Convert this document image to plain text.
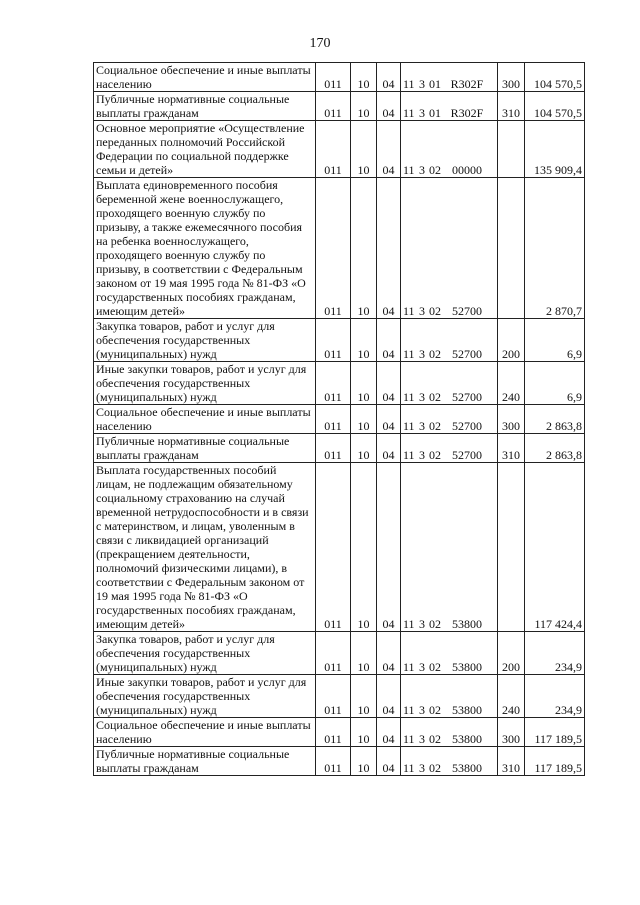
170
Социальное обеспечение и иные выплаты населению	011	10	04	11 3 01 R302F	300	104 570,5
Публичные нормативные социальные выплаты гражданам	011	10	04	11 3 01 R302F	310	104 570,5
Основное мероприятие «Осуществление переданных полномочий Российской Федерации по социальной поддержке семьи и детей»	011	10	04	11 3 02 00000		135 909,4
Выплата единовременного пособия беременной жене военнослужащего, проходящего военную службу по призыву, а также ежемесячного пособия на ребенка военнослужащего, проходящего военную службу по призыву, в соответствии с Федеральным законом от 19 мая 1995 года № 81-ФЗ «О государственных пособиях гражданам, имеющим детей»	011	10	04	11 3 02 52700		2 870,7
Закупка товаров, работ и услуг для обеспечения государственных (муниципальных) нужд	011	10	04	11 3 02 52700	200	6,9
Иные закупки товаров, работ и услуг для обеспечения государственных (муниципальных) нужд	011	10	04	11 3 02 52700	240	6,9
Социальное обеспечение и иные выплаты населению	011	10	04	11 3 02 52700	300	2 863,8
Публичные нормативные социальные выплаты гражданам	011	10	04	11 3 02 52700	310	2 863,8
Выплата государственных пособий лицам, не подлежащим обязательному социальному страхованию на случай временной нетрудоспособности и в связи с материнством, и лицам, уволенным в связи с ликвидацией организаций (прекращением деятельности, полномочий физическими лицами), в соответствии с Федеральным законом от 19 мая 1995 года № 81-ФЗ «О государственных пособиях гражданам, имеющим детей»	011	10	04	11 3 02 53800		117 424,4
Закупка товаров, работ и услуг для обеспечения государственных (муниципальных) нужд	011	10	04	11 3 02 53800	200	234,9
Иные закупки товаров, работ и услуг для обеспечения государственных (муниципальных) нужд	011	10	04	11 3 02 53800	240	234,9
Социальное обеспечение и иные выплаты населению	011	10	04	11 3 02 53800	300	117 189,5
Публичные нормативные социальные выплаты гражданам	011	10	04	11 3 02 53800	310	117 189,5
